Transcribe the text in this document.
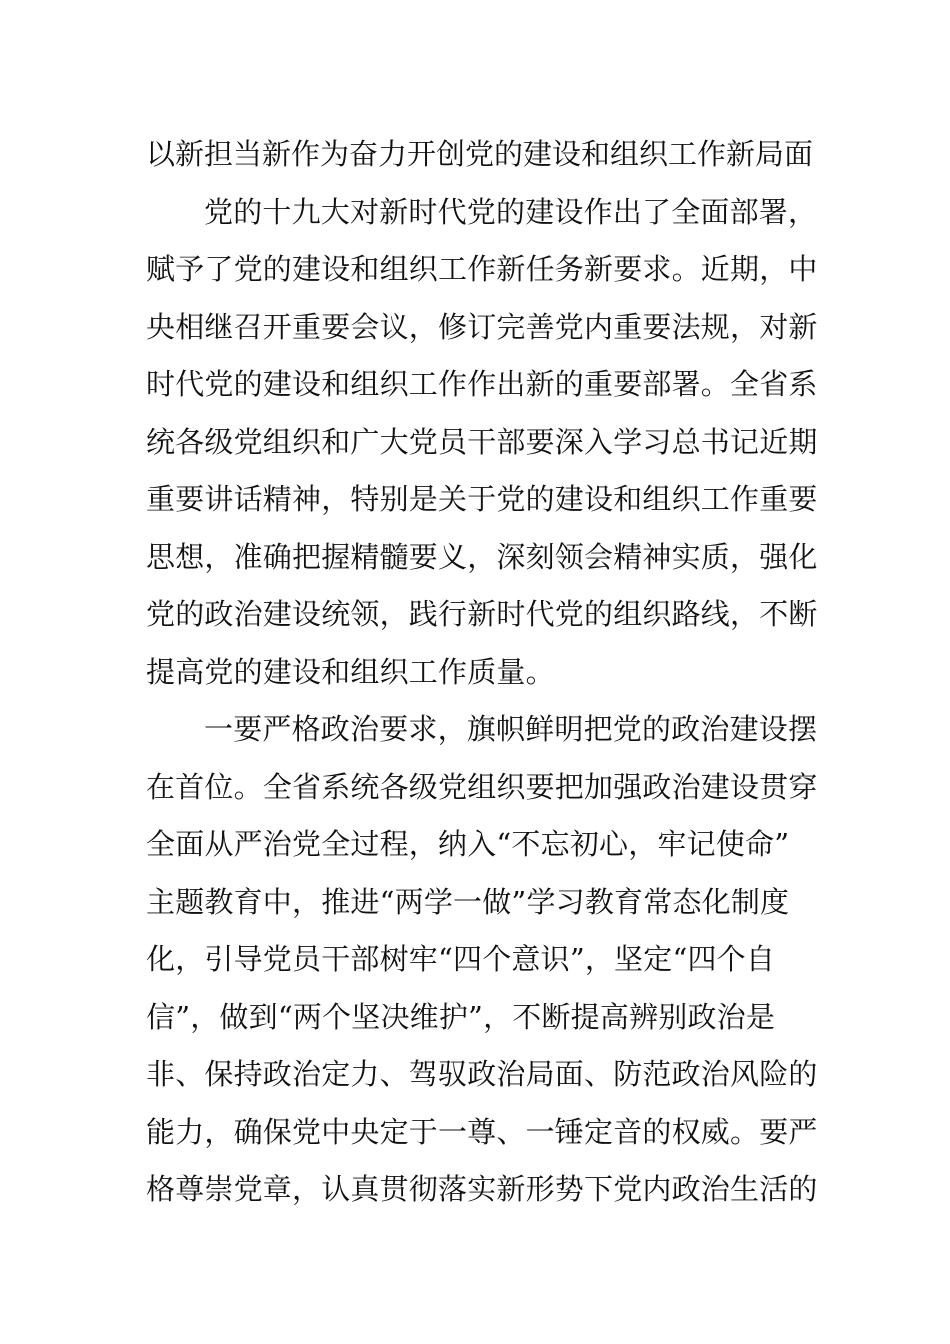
以新担当新作为奋力开创党的建设和组织工作新局面
党的十九大对新时代党的建设作出了全面部署，
赋予了党的建设和组织工作新任务新要求。近期，中
央相继召开重要会议，修订完善党内重要法规，对新
时代党的建设和组织工作作出新的重要部署。全省系
统各级党组织和广大党员干部要深入学习总书记近期
重要讲话精神，特别是关于党的建设和组织工作重要
思想，准确把握精髓要义，深刻领会精神实质，强化
党的政治建设统领，践行新时代党的组织路线，不断
提高党的建设和组织工作质量。
一要严格政治要求，旗帜鲜明把党的政治建设摆
在首位。全省系统各级党组织要把加强政治建设贯穿
全面从严治党全过程，纳入“不忘初心，牢记使命”
主题教育中，推进“两学一做”学习教育常态化制度
化，引导党员干部树牢“四个意识”，坚定“四个自
信”，做到“两个坚决维护”，不断提高辨别政治是
非、保持政治定力、驾驭政治局面、防范政治风险的
能力，确保党中央定于一尊、一锤定音的权威。要严
格尊崇党章，认真贯彻落实新形势下党内政治生活的
